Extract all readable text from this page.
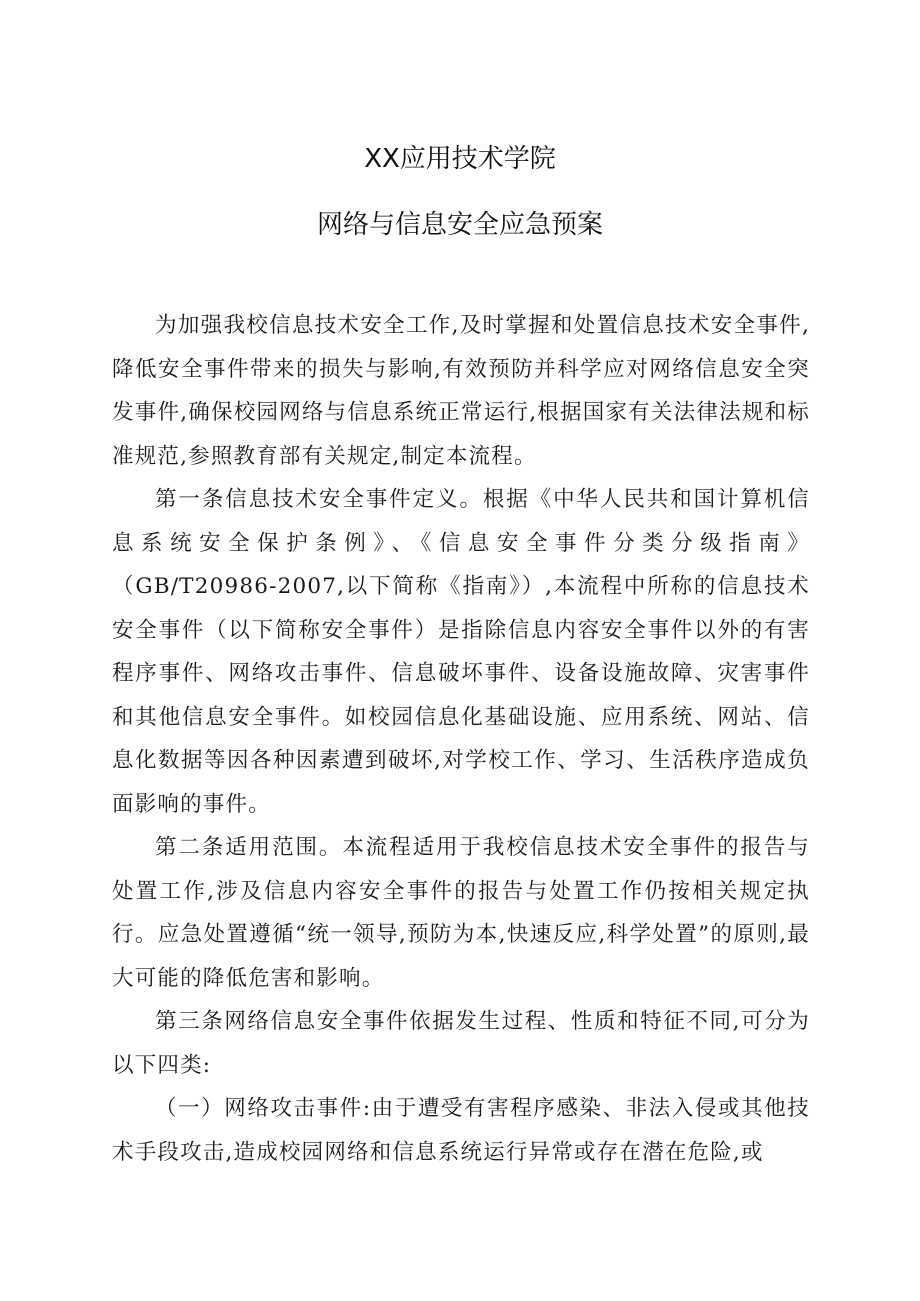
XX应用技术学院
网络与信息安全应急预案

为加强我校信息技术安全工作,及时掌握和处置信息技术安全事件,降低安全事件带来的损失与影响,有效预防并科学应对网络信息安全突发事件,确保校园网络与信息系统正常运行,根据国家有关法律法规和标准规范,参照教育部有关规定,制定本流程。

第一条信息技术安全事件定义。根据《中华人民共和国计算机信息系统安全保护条例》、《信息安全事件分类分级指南》（GB/T20986-2007,以下简称《指南》）,本流程中所称的信息技术安全事件（以下简称安全事件）是指除信息内容安全事件以外的有害程序事件、网络攻击事件、信息破坏事件、设备设施故障、灾害事件和其他信息安全事件。如校园信息化基础设施、应用系统、网站、信息化数据等因各种因素遭到破坏,对学校工作、学习、生活秩序造成负面影响的事件。

第二条适用范围。本流程适用于我校信息技术安全事件的报告与处置工作,涉及信息内容安全事件的报告与处置工作仍按相关规定执行。应急处置遵循“统一领导,预防为本,快速反应,科学处置”的原则,最大可能的降低危害和影响。

第三条网络信息安全事件依据发生过程、性质和特征不同,可分为以下四类:

（一）网络攻击事件:由于遭受有害程序感染、非法入侵或其他技术手段攻击,造成校园网络和信息系统运行异常或存在潜在危险,或
